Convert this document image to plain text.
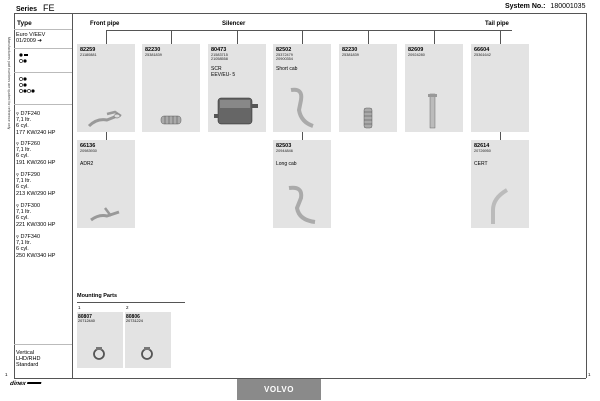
Series FE	System No.: 180001035
Manufacturers part numbers are quoted for reference only
Type
Euro V/EEV
01/2009 ➔
⚲ D7F240
7,1 ltr.
6 cyl.
177 KW/240 HP
⚲ D7F260
7,1 ltr.
6 cyl.
191 KW/260 HP
⚲ D7F290
7,1 ltr.
6 cyl.
213 KW/290 HP
⚲ D7F300
7,1 ltr.
6 cyl.
221 KW/300 HP
⚲ D7F340
7,1 ltr.
6 cyl.
250 KW/340 HP
Vertical
LHD/RHD
Standard
Front pipe	Silencer	Tail pipe
82259
21180881
82230
25381839
80473
21583715
21058558
SCR
EEV/EU- 5
82502
25372479
20900354
Short cab
82230
25381839
82609
20924280
66604
25361642
66136
20983930
ADR2
82503
20944846
Long cab
82614
20726950
CERT
Mounting Parts
1	2
80807
20712440
80806
20731224
1	1
dinex
VOLVO
